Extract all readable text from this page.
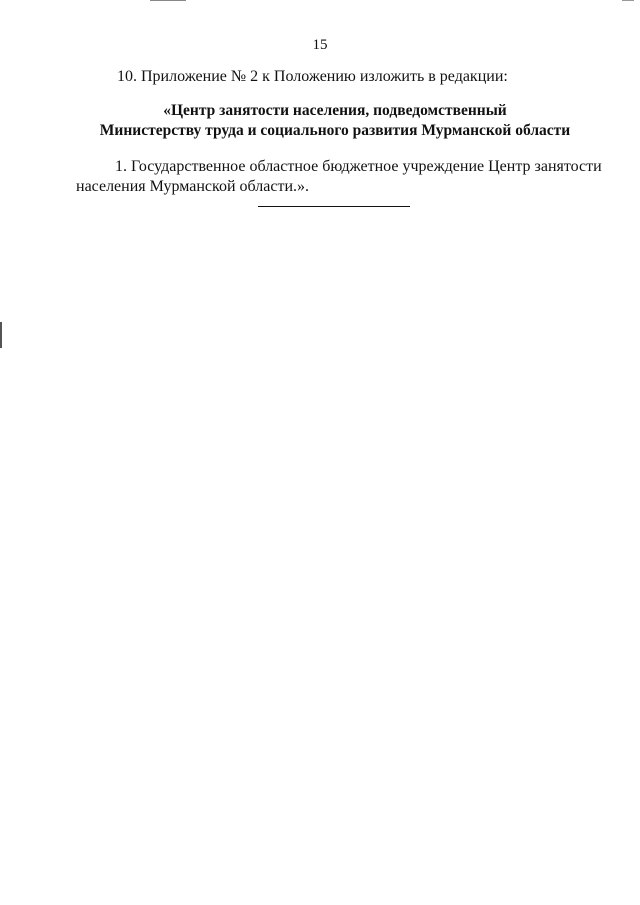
15
10. Приложение № 2 к Положению изложить в редакции:
«Центр занятости населения, подведомственный
Министерству труда и социального развития Мурманской области
1. Государственное областное бюджетное учреждение Центр занятости
населения Мурманской области.».
